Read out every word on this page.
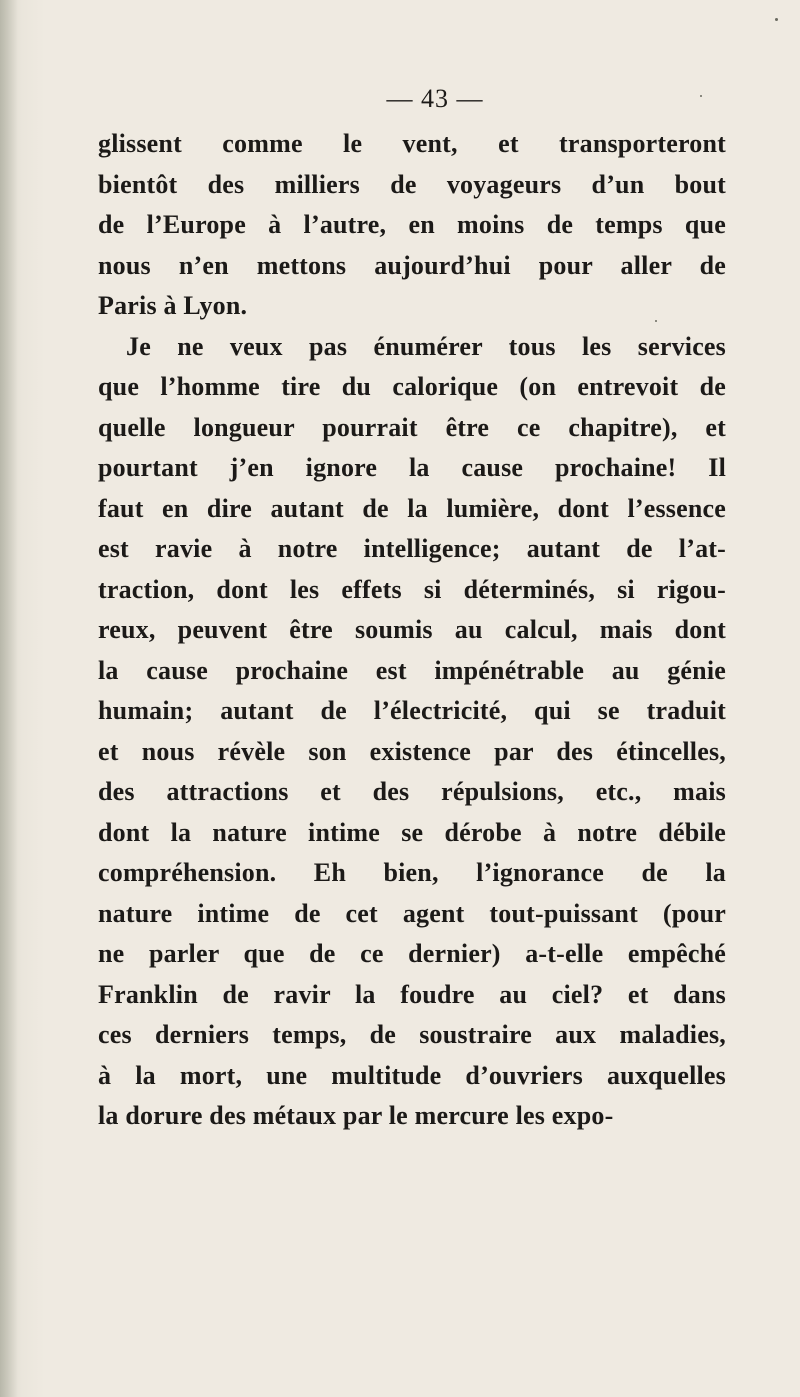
— 43 —
glissent comme le vent, et transporteront
bientôt des milliers de voyageurs d’un bout
de l’Europe à l’autre, en moins de temps que
nous n’en mettons aujourd’hui pour aller de
Paris à Lyon.
Je ne veux pas énumérer tous les services
que l’homme tire du calorique (on entrevoit de
quelle longueur pourrait être ce chapitre), et
pourtant j’en ignore la cause prochaine! Il
faut en dire autant de la lumière, dont l’essence
est ravie à notre intelligence; autant de l’at-
traction, dont les effets si déterminés, si rigou-
reux, peuvent être soumis au calcul, mais dont
la cause prochaine est impénétrable au génie
humain; autant de l’électricité, qui se traduit
et nous révèle son existence par des étincelles,
des attractions et des répulsions, etc., mais
dont la nature intime se dérobe à notre débile
compréhension. Eh bien, l’ignorance de la
nature intime de cet agent tout-puissant (pour
ne parler que de ce dernier) a-t-elle empêché
Franklin de ravir la foudre au ciel? et dans
ces derniers temps, de soustraire aux maladies,
à la mort, une multitude d’ouvriers auxquelles
la dorure des métaux par le mercure les expo-
